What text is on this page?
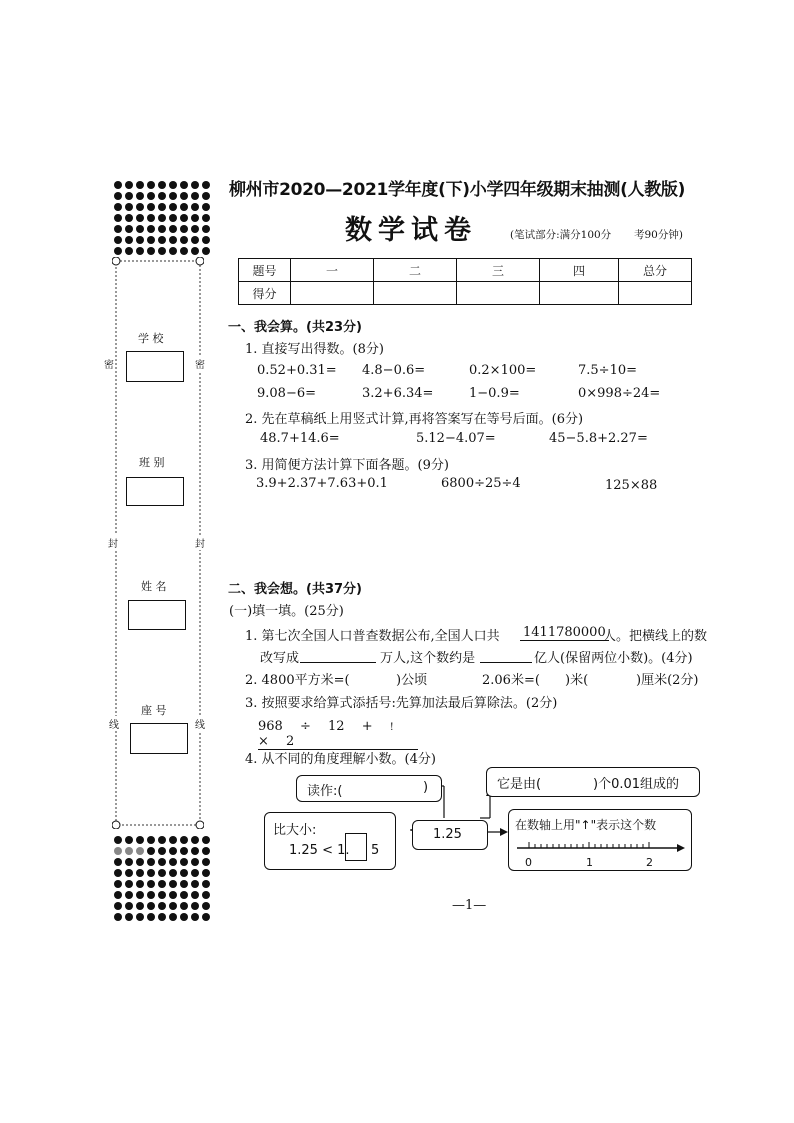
学 校
班 别
姓 名
座 号
密	密
封	封
线	线
柳州市2020—2021学年度(下)小学四年级期末抽测(人教版)
数学试卷	(笔试部分:满分100分 考90分钟)
题号	一	二	三	四	总分
得分					
一、我会算。(共23分)
1. 直接写出得数。(8分)
0.52+0.31= 4.8−0.6=	0.2×100=	7.5÷10=
9.08−6=	3.2+6.34=	1−0.9=	0×998÷24=
2. 先在草稿纸上用竖式计算,再将答案写在等号后面。(6分)
48.7+14.6=	5.12−4.07=	45−5.8+2.27=
3. 用简便方法计算下面各题。(9分)
3.9+2.37+7.63+0.1	6800÷25÷4	125×88
二、我会想。(共37分)
(一)填一填。(25分)
1. 第七次全国人口普查数据公布,全国人口共 1411780000
人。把横线上的数
改写成	万人,这个数约是	亿人(保留两位小数)。(4分)
2. 4800平方米=(	)公顷	2.06米=( )米(	)厘米(2分)
3. 按照要求给算式添括号:先算加法最后算除法。(2分)
968 ÷ 12 + ! × 2
4. 从不同的角度理解小数。(4分)
读作:(	)	它是由(	)个0.01组成的
比大小:
1.25 < 1. 5
1.25
在数轴上用"↑"表示这个数
0	1	2
—1—
